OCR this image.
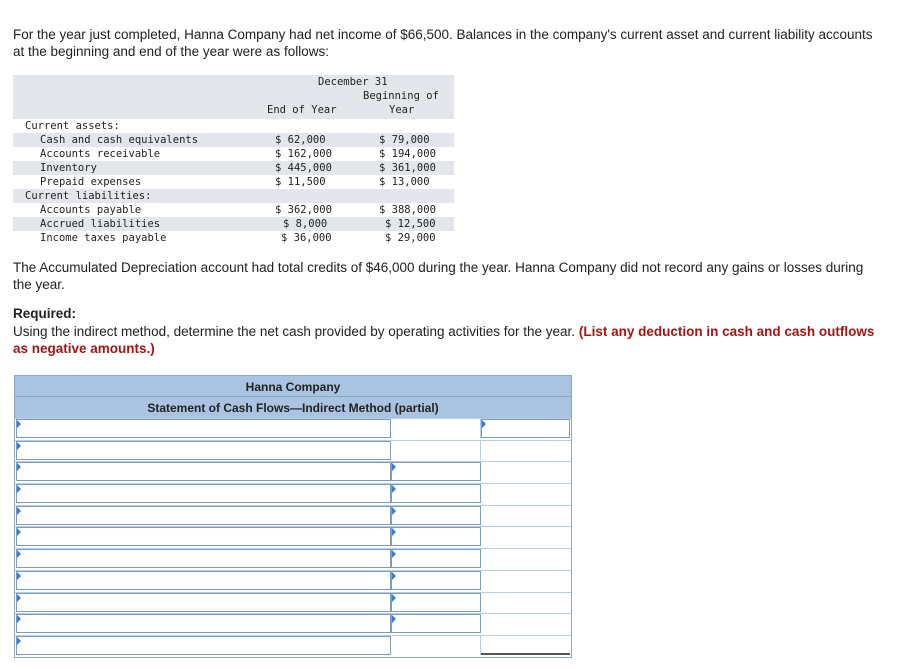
For the year just completed, Hanna Company had net income of $66,500. Balances in the company's current asset and current liability accounts at the beginning and end of the year were as follows:

December 31
End of Year
Beginning of
Year
Current assets:
Cash and cash equivalents	$ 62,000	$ 79,000
Accounts receivable	$ 162,000	$ 194,000
Inventory	$ 445,000	$ 361,000
Prepaid expenses	$ 11,500	$ 13,000
Current liabilities:
Accounts payable	$ 362,000	$ 388,000
Accrued liabilities	$ 8,000	$ 12,500
Income taxes payable	$ 36,000	$ 29,000

The Accumulated Depreciation account had total credits of $46,000 during the year. Hanna Company did not record any gains or losses during the year.

Required:

Using the indirect method, determine the net cash provided by operating activities for the year. (List any deduction in cash and cash outflows as negative amounts.)

Hanna Company
Statement of Cash Flows—Indirect Method (partial)
